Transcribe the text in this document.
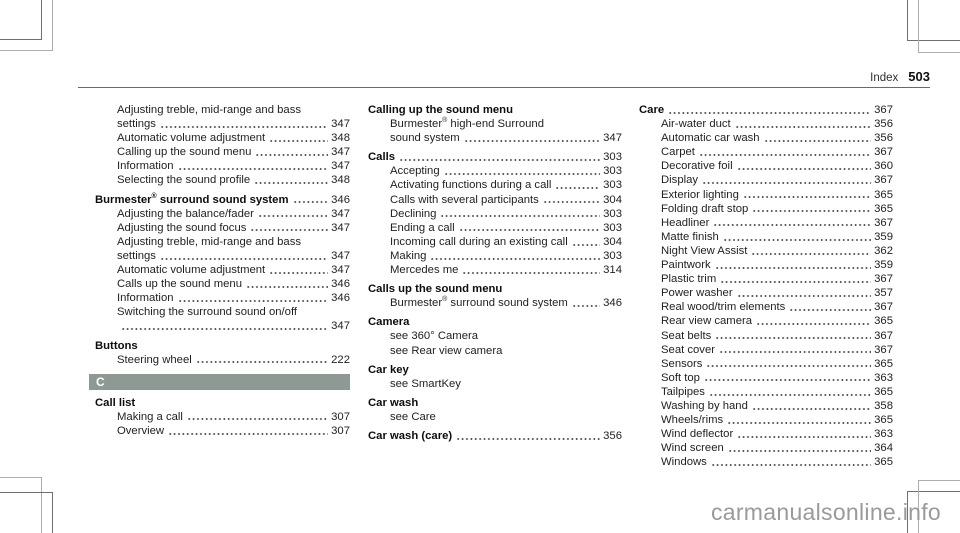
Index 503
Adjusting treble, mid-range and bass
settings	347
Automatic volume adjustment	348
Calling up the sound menu	347
Information	347
Selecting the sound profile	348
Burmester® surround sound system	346
Adjusting the balance/fader	347
Adjusting the sound focus	347
Adjusting treble, mid-range and bass
settings	347
Automatic volume adjustment	347
Calls up the sound menu	346
Information	346
Switching the surround sound on/off
347
Buttons
Steering wheel	222
C
Call list
Making a call	307
Overview	307
Calling up the sound menu
Burmester® high-end Surround
sound system	347
Calls	303
Accepting	303
Activating functions during a call	303
Calls with several participants	304
Declining	303
Ending a call	303
Incoming call during an existing call	304
Making	303
Mercedes me	314
Calls up the sound menu
Burmester® surround sound system	346
Camera
see 360° Camera
see Rear view camera
Car key
see SmartKey
Car wash
see Care
Car wash (care)	356
Care	367
Air-water duct	356
Automatic car wash	356
Carpet	367
Decorative foil	360
Display	367
Exterior lighting	365
Folding draft stop	365
Headliner	367
Matte finish	359
Night View Assist	362
Paintwork	359
Plastic trim	367
Power washer	357
Real wood/trim elements	367
Rear view camera	365
Seat belts	367
Seat cover	367
Sensors	365
Soft top	363
Tailpipes	365
Washing by hand	358
Wheels/rims	365
Wind deflector	363
Wind screen	364
Windows	365
carmanualsonline.info
